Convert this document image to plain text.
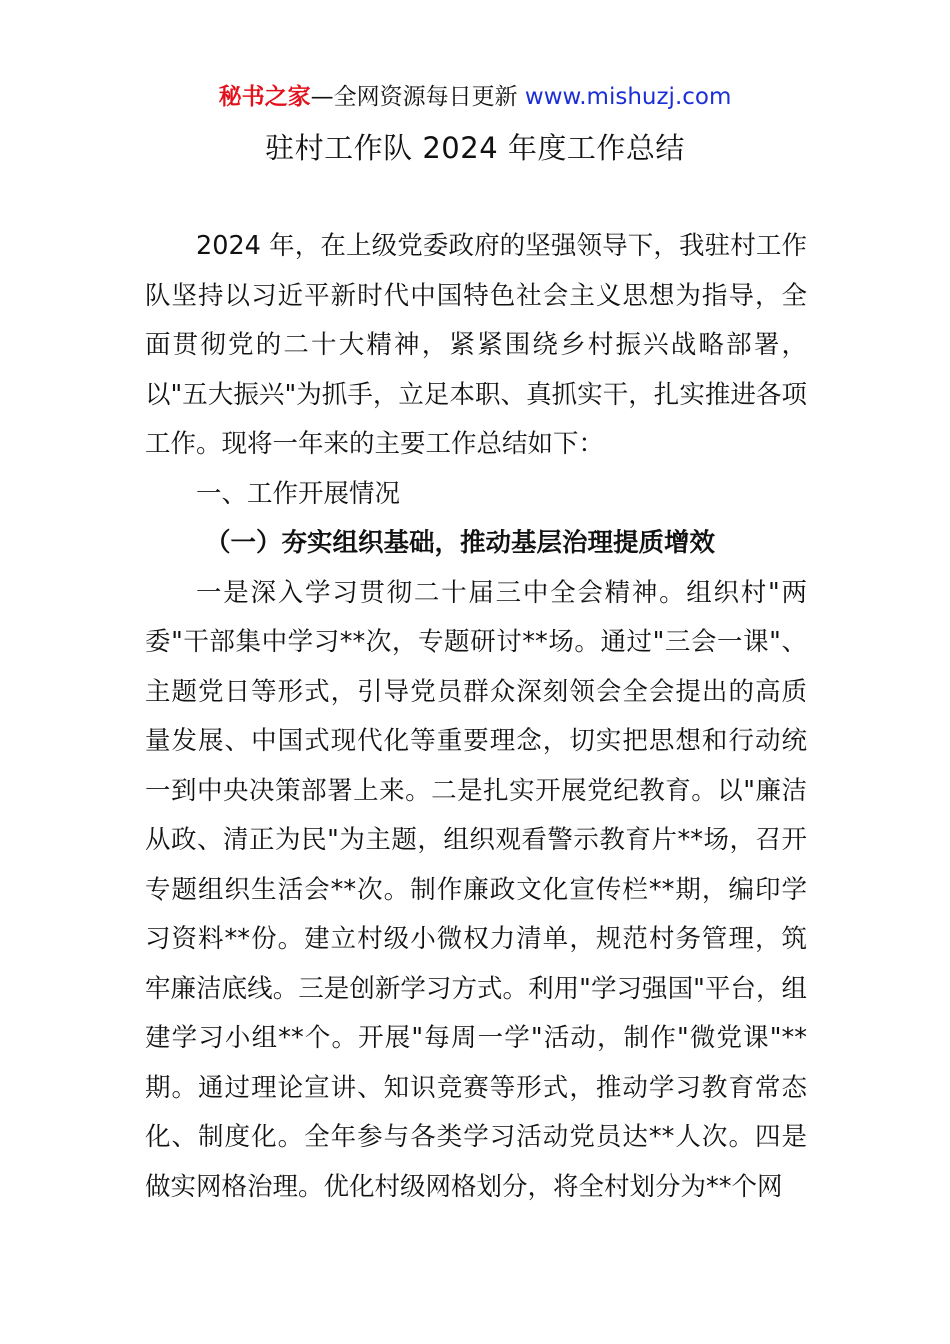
秘书之家—全网资源每日更新 www.mishuzj.com
驻村工作队 2024 年度工作总结

2024 年，在上级党委政府的坚强领导下，我驻村工作队坚持以习近平新时代中国特色社会主义思想为指导，全面贯彻党的二十大精神，紧紧围绕乡村振兴战略部署，以"五大振兴"为抓手，立足本职、真抓实干，扎实推进各项工作。现将一年来的主要工作总结如下：

一、工作开展情况

（一）夯实组织基础，推动基层治理提质增效

一是深入学习贯彻二十届三中全会精神。组织村"两委"干部集中学习**次，专题研讨**场。通过"三会一课"、主题党日等形式，引导党员群众深刻领会全会提出的高质量发展、中国式现代化等重要理念，切实把思想和行动统一到中央决策部署上来。二是扎实开展党纪教育。以"廉洁从政、清正为民"为主题，组织观看警示教育片**场，召开专题组织生活会**次。制作廉政文化宣传栏**期，编印学习资料**份。建立村级小微权力清单，规范村务管理，筑牢廉洁底线。三是创新学习方式。利用"学习强国"平台，组建学习小组**个。开展"每周一学"活动，制作"微党课"**期。通过理论宣讲、知识竞赛等形式，推动学习教育常态化、制度化。全年参与各类学习活动党员达**人次。四是做实网格治理。优化村级网格划分，将全村划分为**个网
